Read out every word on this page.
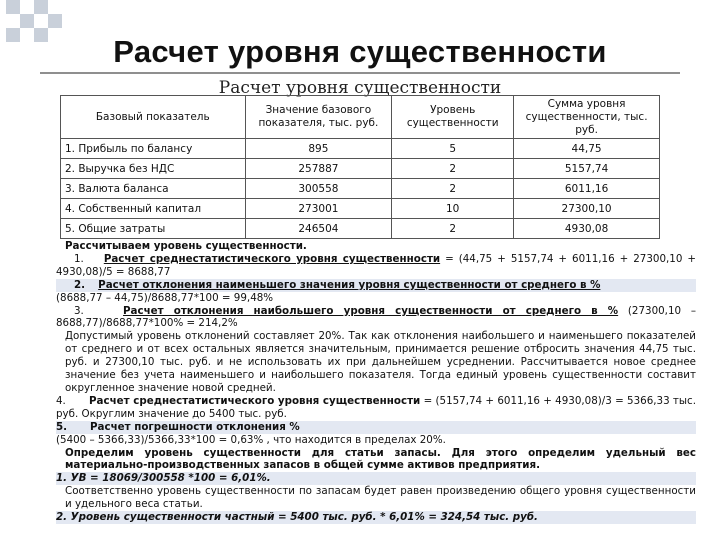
Расчет уровня существенности
Расчет уровня существенности
Базовый показатель	Значение базового показателя, тыс. руб.	Уровень существенности	Сумма уровня существенности, тыс. руб.
1. Прибыль по балансу	895	5	44,75
2. Выручка без НДС	257887	2	5157,74
3. Валюта баланса	300558	2	6011,16
4. Собственный капитал	273001	10	27300,10
5. Общие затраты	246504	2	4930,08

Рассчитываем уровень существенности.

1. Расчет среднестатистического уровня существенности = (44,75 + 5157,74 + 6011,16 + 27300,10 + 4930,08)/5 = 8688,77

2. Расчет отклонения наименьшего значения уровня существенности от среднего в %

(8688,77 – 44,75)/8688,77*100 = 99,48%

3.	Расчет отклонения наибольшего уровня существенности от среднего в % (27300,10 – 8688,77)/8688,77*100% = 214,2%

Допустимый уровень отклонений составляет 20%. Так как отклонения наибольшего и наименьшего показателей от среднего и от всех остальных является значительным, принимается решение отбросить значения 44,75 тыс. руб. и 27300,10 тыс. руб. и не использовать их при дальнейшем усреднении. Рассчитывается новое среднее значение без учета наименьшего и наибольшего показателя. Тогда единый уровень существенности составит округленное значение новой средней.

4. Расчет среднестатистического уровня существенности = (5157,74 + 6011,16 + 4930,08)/3 = 5366,33 тыс. руб. Округлим значение до 5400 тыс. руб.

5. Расчет погрешности отклонения %

(5400 – 5366,33)/5366,33*100 = 0,63% , что находится в пределах 20%.

Определим уровень существенности для статьи запасы. Для этого определим удельный вес материально-производственных запасов в общей сумме активов предприятия.

1. УВ = 18069/300558 *100 = 6,01%.

Соответственно уровень существенности по запасам будет равен произведению общего уровня существенности и удельного веса статьи.

2. Уровень существенности частный = 5400 тыс. руб. * 6,01% = 324,54 тыс. руб.
